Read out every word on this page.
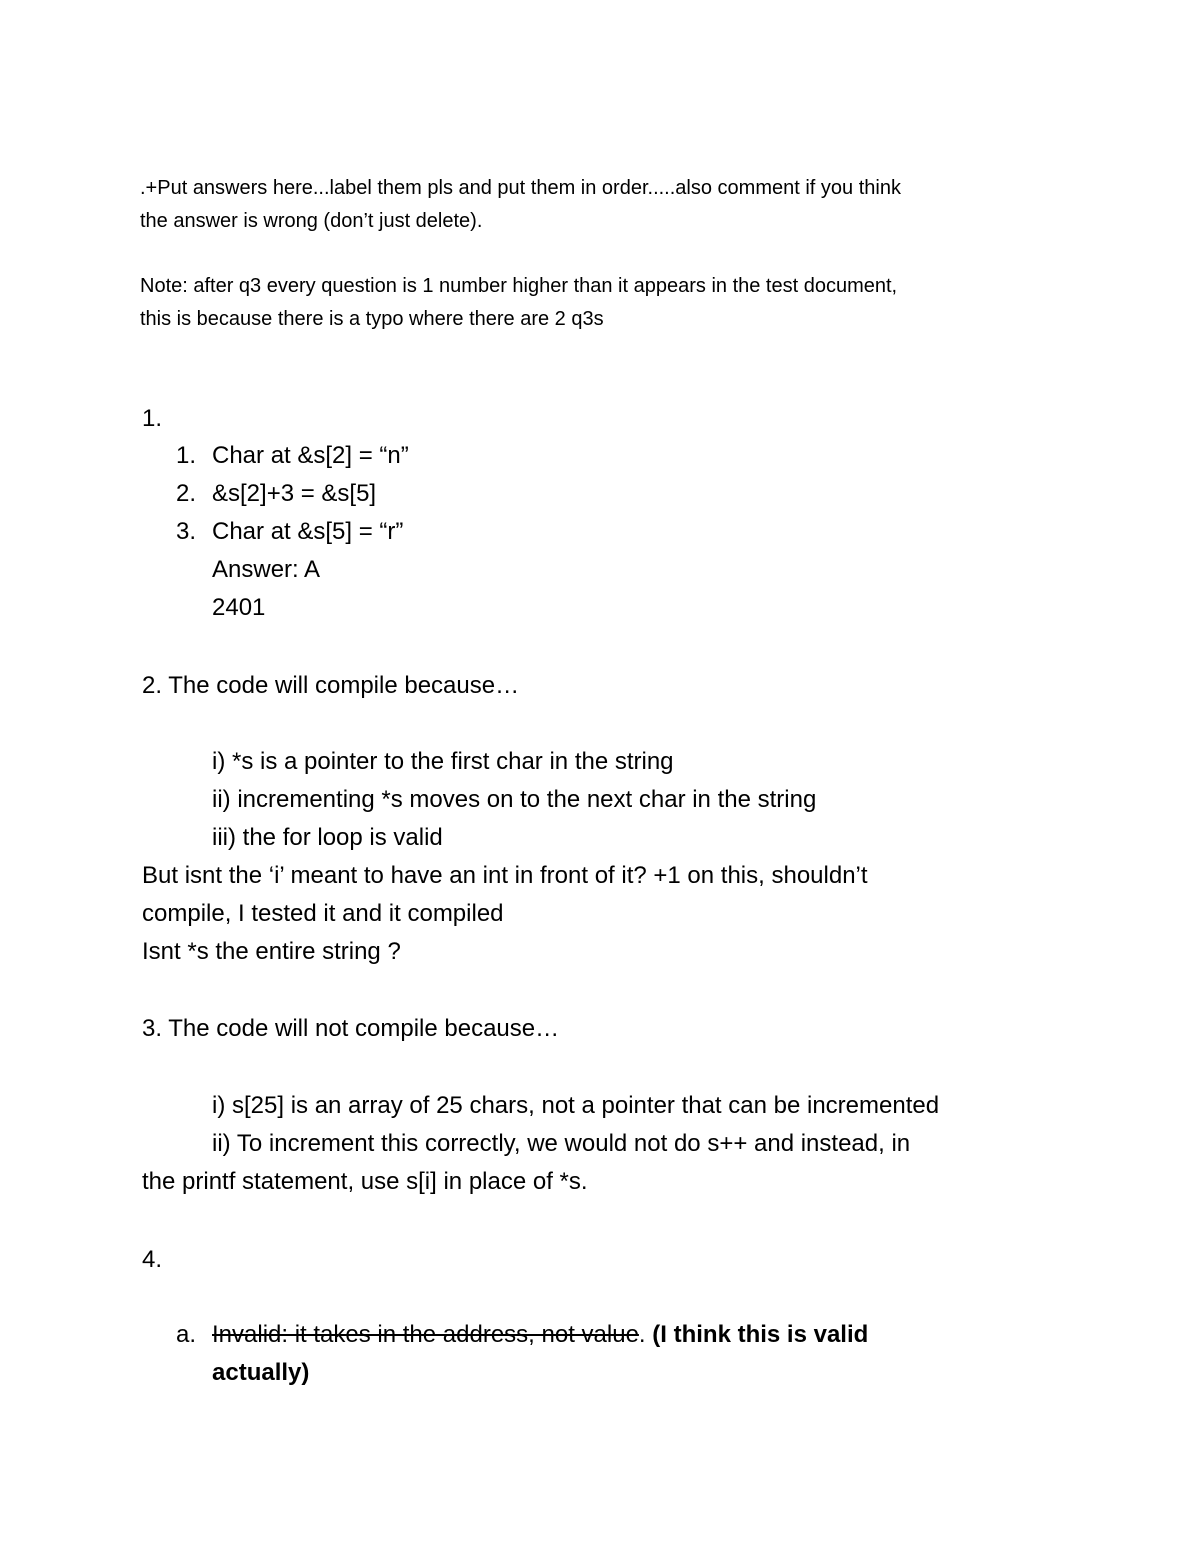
.+Put answers here...label them pls and put them in order.....also comment if you think

the answer is wrong (don’t just delete).

Note: after q3 every question is 1 number higher than it appears in the test document,

this is because there is a typo where there are 2 q3s

1.

1. Char at &s[2] = “n”

2. &s[2]+3 = &s[5]

3. Char at &s[5] = “r”

Answer: A

2401

2. The code will compile because…

i) *s is a pointer to the first char in the string

ii) incrementing *s moves on to the next char in the string

iii) the for loop is valid

But isnt the ‘i’ meant to have an int in front of it? +1 on this, shouldn’t

compile, I tested it and it compiled

Isnt *s the entire string ?

3. The code will not compile because…

i) s[25] is an array of 25 chars, not a pointer that can be incremented

ii) To increment this correctly, we would not do s++ and instead, in

the printf statement, use s[i] in place of *s.

4.

a. Invalid: it takes in the address, not value. (I think this is valid

actually)
